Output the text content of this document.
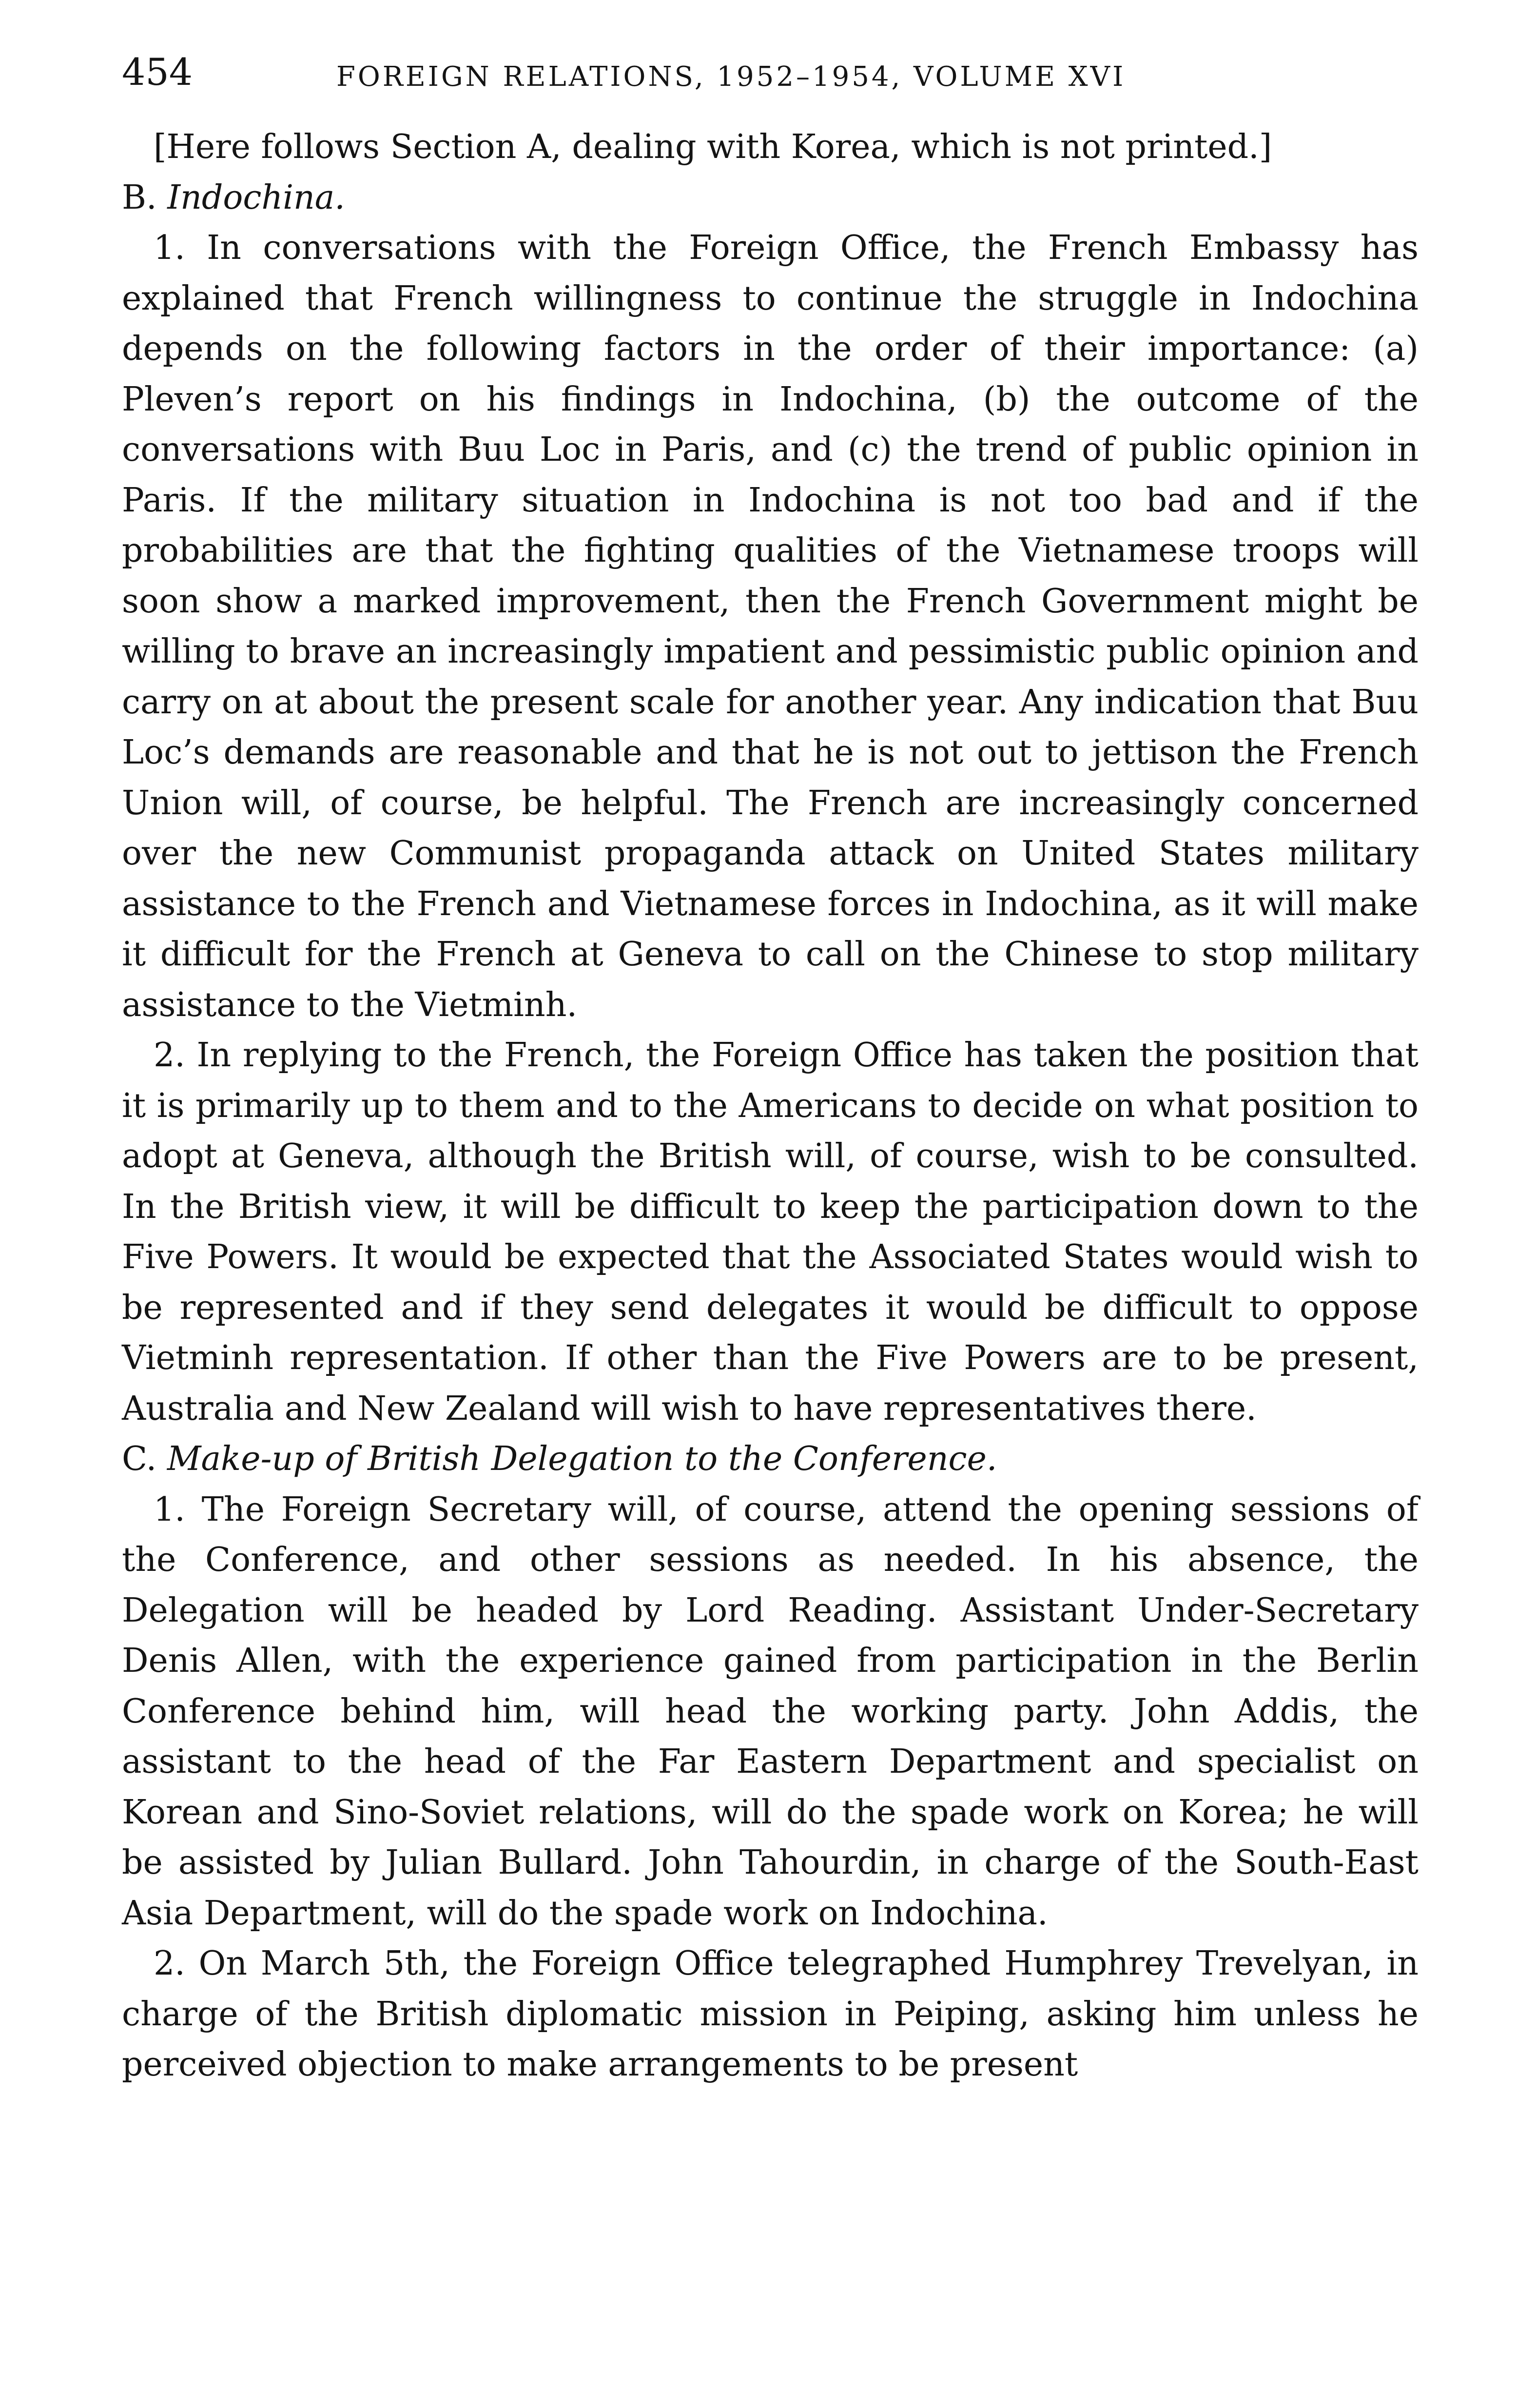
454	FOREIGN RELATIONS, 1952–1954, VOLUME XVI

[Here follows Section A, dealing with Korea, which is not printed.]

B. Indochina.

1. In conversations with the Foreign Office, the French Embassy has explained that French willingness to continue the struggle in Indochina depends on the following factors in the order of their importance: (a) Pleven’s report on his findings in Indochina, (b) the outcome of the conversations with Buu Loc in Paris, and (c) the trend of public opinion in Paris. If the military situation in Indochina is not too bad and if the probabilities are that the fighting qualities of the Vietnamese troops will soon show a marked improvement, then the French Government might be willing to brave an increasingly impatient and pessimistic public opinion and carry on at about the present scale for another year. Any indication that Buu Loc’s demands are reasonable and that he is not out to jettison the French Union will, of course, be helpful. The French are increasingly concerned over the new Communist propaganda attack on United States military assistance to the French and Vietnamese forces in Indochina, as it will make it difficult for the French at Geneva to call on the Chinese to stop military assistance to the Vietminh.

2. In replying to the French, the Foreign Office has taken the position that it is primarily up to them and to the Americans to decide on what position to adopt at Geneva, although the British will, of course, wish to be consulted. In the British view, it will be difficult to keep the participation down to the Five Powers. It would be expected that the Associated States would wish to be represented and if they send delegates it would be difficult to oppose Vietminh representation. If other than the Five Powers are to be present, Australia and New Zealand will wish to have representatives there.

C. Make-up of British Delegation to the Conference.

1. The Foreign Secretary will, of course, attend the opening sessions of the Conference, and other sessions as needed. In his absence, the Delegation will be headed by Lord Reading. Assistant Under-Secretary Denis Allen, with the experience gained from participation in the Berlin Conference behind him, will head the working party. John Addis, the assistant to the head of the Far Eastern Department and specialist on Korean and Sino-Soviet relations, will do the spade work on Korea; he will be assisted by Julian Bullard. John Tahourdin, in charge of the South-East Asia Department, will do the spade work on Indochina.

2. On March 5th, the Foreign Office telegraphed Humphrey Trevelyan, in charge of the British diplomatic mission in Peiping, asking him unless he perceived objection to make arrangements to be present
